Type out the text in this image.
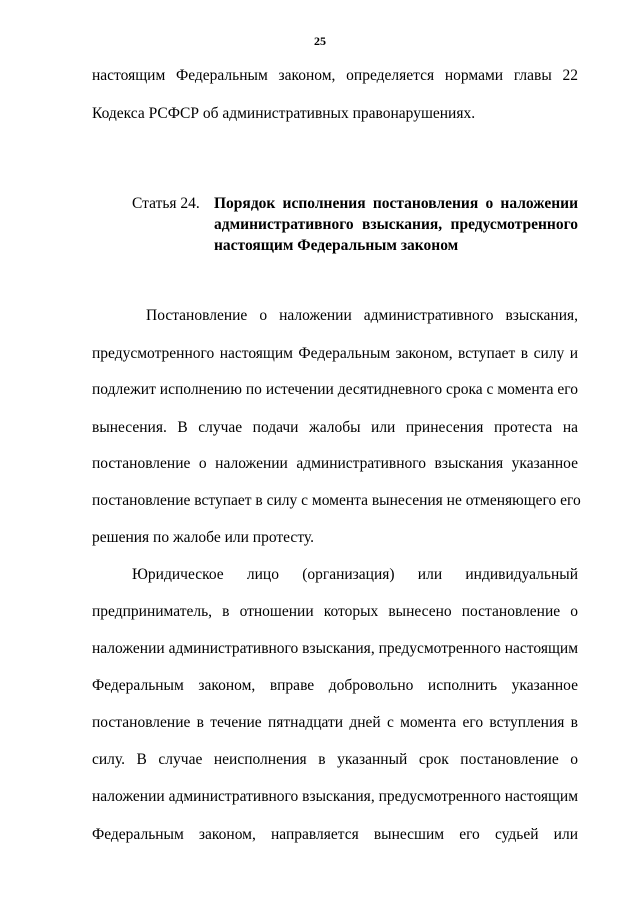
25
настоящим Федеральным законом, определяется нормами главы 22
Кодекса РСФСР об административных правонарушениях.
Статья 24. Порядок исполнения постановления о наложении
административного взыскания, предусмотренного
настоящим Федеральным законом
Постановление о наложении административного взыскания,
предусмотренного настоящим Федеральным законом, вступает в силу и
подлежит исполнению по истечении десятидневного срока с момента его
вынесения. В случае подачи жалобы или принесения протеста на
постановление о наложении административного взыскания указанное
постановление вступает в силу с момента вынесения не отменяющего его
решения по жалобе или протесту.
Юридическое лицо (организация) или индивидуальный
предприниматель, в отношении которых вынесено постановление о
наложении административного взыскания, предусмотренного настоящим
Федеральным законом, вправе добровольно исполнить указанное
постановление в течение пятнадцати дней с момента его вступления в
силу. В случае неисполнения в указанный срок постановление о
наложении административного взыскания, предусмотренного настоящим
Федеральным законом, направляется вынесшим его судьей или
